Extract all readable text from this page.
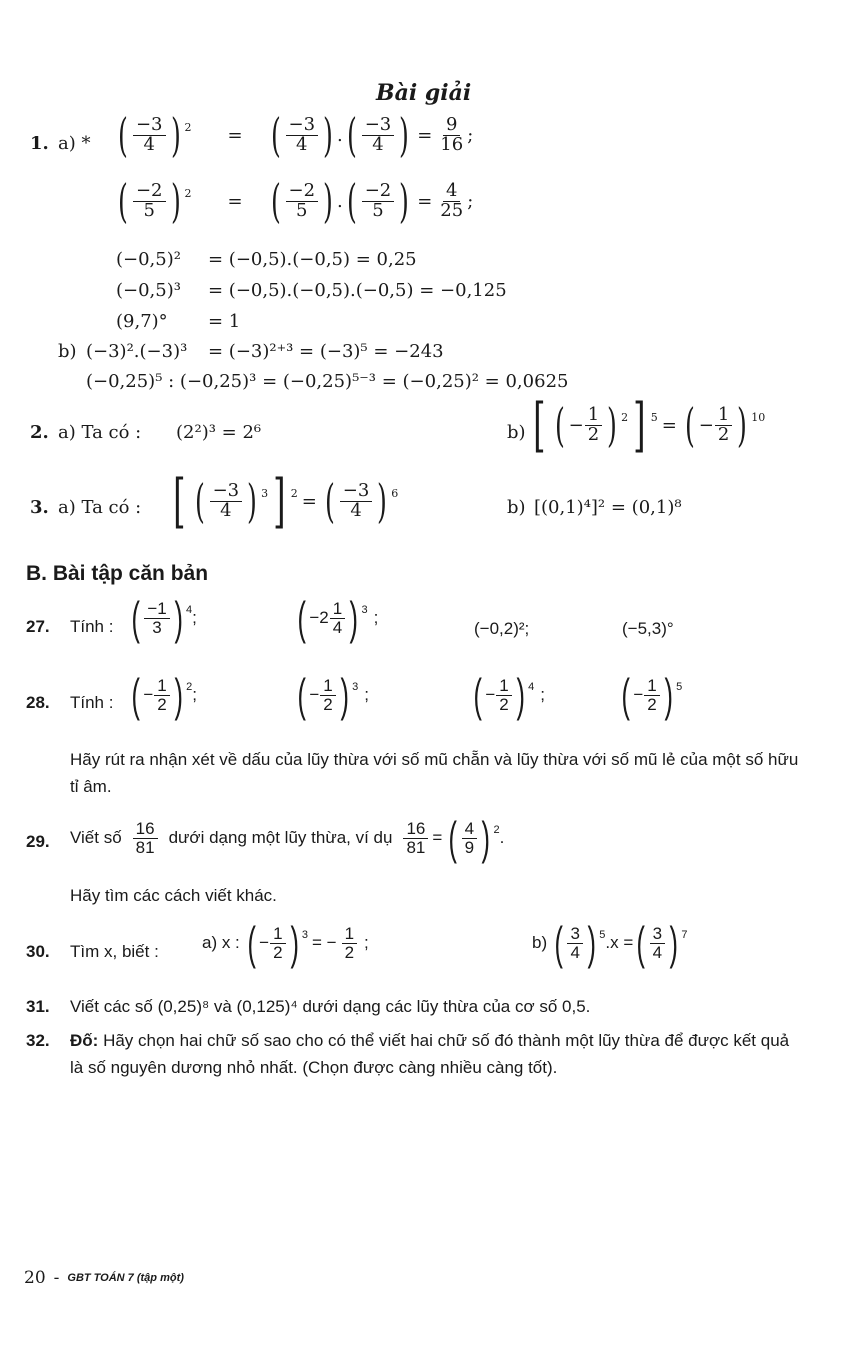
Bài giải
1. a) * ( $\frac{-3}{4}$ ) $^2$ = ( $\frac{-3}{4}$ ) . ( $\frac{-3}{4}$ ) = $\frac{9}{16}$ ;
( $\frac{-2}{5}$ ) $^2$ = ( $\frac{-2}{5}$ ) . ( $\frac{-2}{5}$ ) = $\frac{4}{25}$ ;
(−0,5)² = (−0,5).(−0,5) = 0,25
(−0,5)³ = (−0,5).(−0,5).(−0,5) = −0,125
(9,7)° = 1
b) (−3)².(−3)³ = (−3)²⁺³ = (−3)⁵ = −243
(−0,25)⁵ : (−0,25)³ = (−0,25)⁵⁻³ = (−0,25)² = 0,0625
2. a) Ta có : (2²)³ = 2⁶	b) [ ( − $\frac{1}{2}$ ) $^2$ ] $^5$ = ( − $\frac{1}{2}$ ) $^{10}$
3. a) Ta có : [ ( $\frac{-3}{4}$ ) $^3$ ] $^2$ = ( $\frac{-3}{4}$ ) $^6$
b) [(0,1)⁴]² = (0,1)⁸
B. Bài tập căn bản
27. Tính : ( $\frac{-1}{3}$ ) $^4$ ; ( $-2 \frac{1}{4}$ ) $^3$ ;
(−0,2)²;	(−5,3)°
28. Tính : ( − $\frac{1}{2}$ ) $^2$ ; ( − $\frac{1}{2}$ ) $^3$ ; ( − $\frac{1}{2}$ ) $^4$ ; ( − $\frac{1}{2}$ ) $^5$
Hãy rút ra nhận xét về dấu của lũy thừa với số mũ chẵn và lũy thừa với số mũ lẻ của một số hữu tỉ âm.
29. Viết số $\frac{16}{81}$ dưới dạng một lũy thừa, ví dụ $\frac{16}{81}$ = ( $\frac{4}{9}$ ) $^2$ .
Hãy tìm các cách viết khác.
30. Tìm x, biết :	a) x : ( − $\frac{1}{2}$ ) $^3$ = − $\frac{1}{2}$ ;	b) ( $\frac{3}{4}$ ) $^5$ .x = ( $\frac{3}{4}$ ) $^7$
31. Viết các số (0,25)⁸ và (0,125)⁴ dưới dạng các lũy thừa của cơ số 0,5.
32. Đố: Hãy chọn hai chữ số sao cho có thể viết hai chữ số đó thành một lũy thừa để được kết quả là số nguyên dương nhỏ nhất. (Chọn được càng nhiều càng tốt).
20 - GBT TOÁN 7 (tập một)
